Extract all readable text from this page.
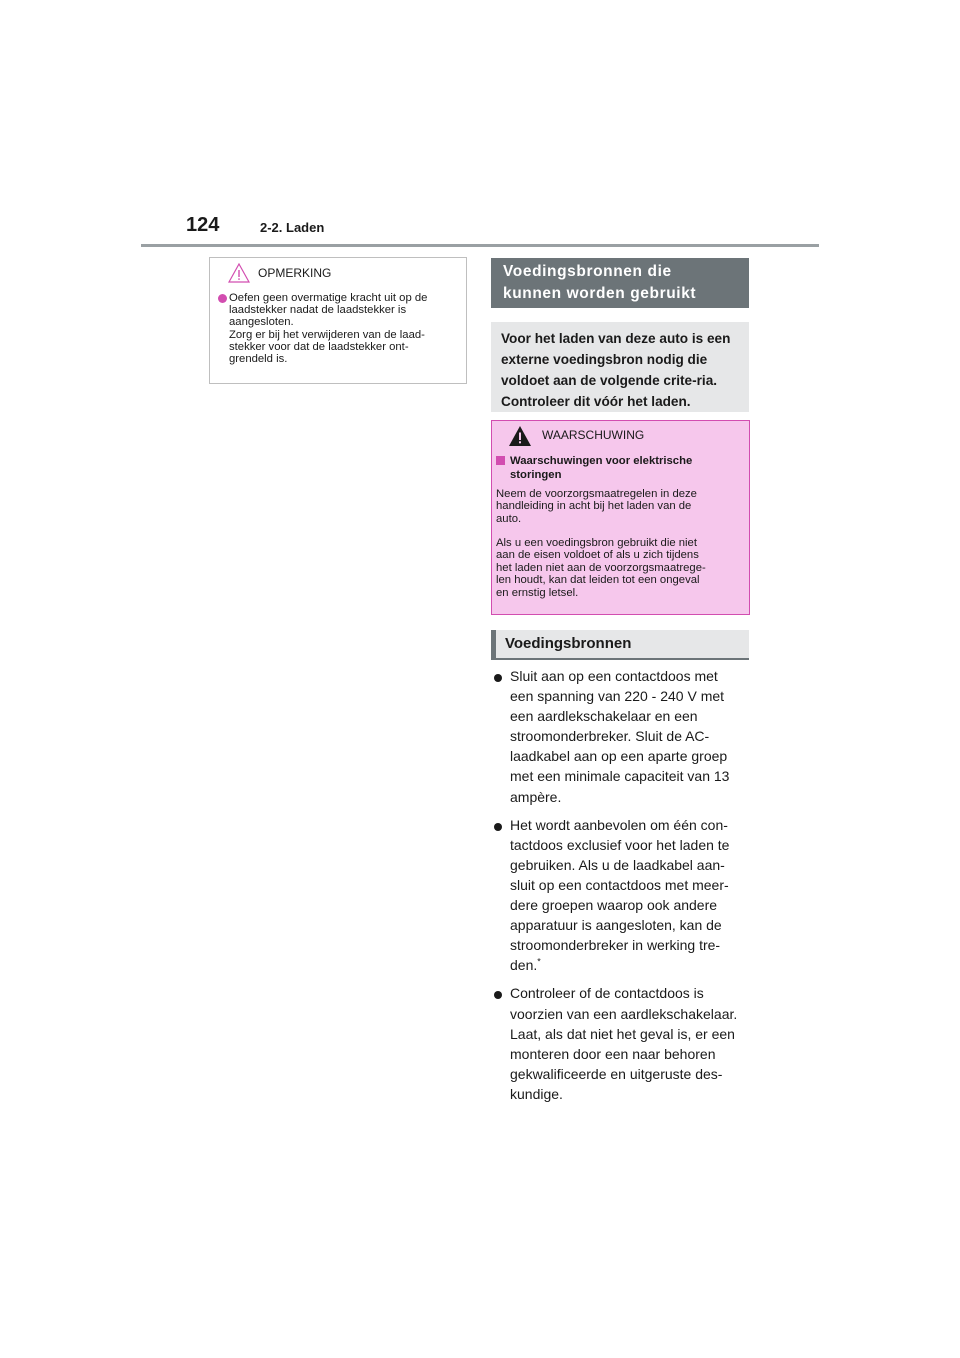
124	2-2. Laden
OPMERKING
Oefen geen overmatige kracht uit op de
laadstekker nadat de laadstekker is
aangesloten.
Zorg er bij het verwijderen van de laad-
stekker voor dat de laadstekker ont-
grendeld is.
Voedingsbronnen die
kunnen worden gebruikt
Voor het laden van deze auto is een externe voedingsbron nodig die voldoet aan de volgende crite-ria. Controleer dit vóór het laden.
WAARSCHUWING
Waarschuwingen voor elektrische
storingen
Neem de voorzorgsmaatregelen in deze
handleiding in acht bij het laden van de
auto.
Als u een voedingsbron gebruikt die niet
aan de eisen voldoet of als u zich tijdens
het laden niet aan de voorzorgsmaatrege-
len houdt, kan dat leiden tot een ongeval
en ernstig letsel.
Voedingsbronnen
Sluit aan op een contactdoos met
een spanning van 220 - 240 V met
een aardlekschakelaar en een
stroomonderbreker. Sluit de AC-
laadkabel aan op een aparte groep
met een minimale capaciteit van 13
ampère.
Het wordt aanbevolen om één con-
tactdoos exclusief voor het laden te
gebruiken. Als u de laadkabel aan-
sluit op een contactdoos met meer-
dere groepen waarop ook andere
apparatuur is aangesloten, kan de
stroomonderbreker in werking tre-
den.*
Controleer of de contactdoos is
voorzien van een aardlekschakelaar.
Laat, als dat niet het geval is, er een
monteren door een naar behoren
gekwalificeerde en uitgeruste des-
kundige.
